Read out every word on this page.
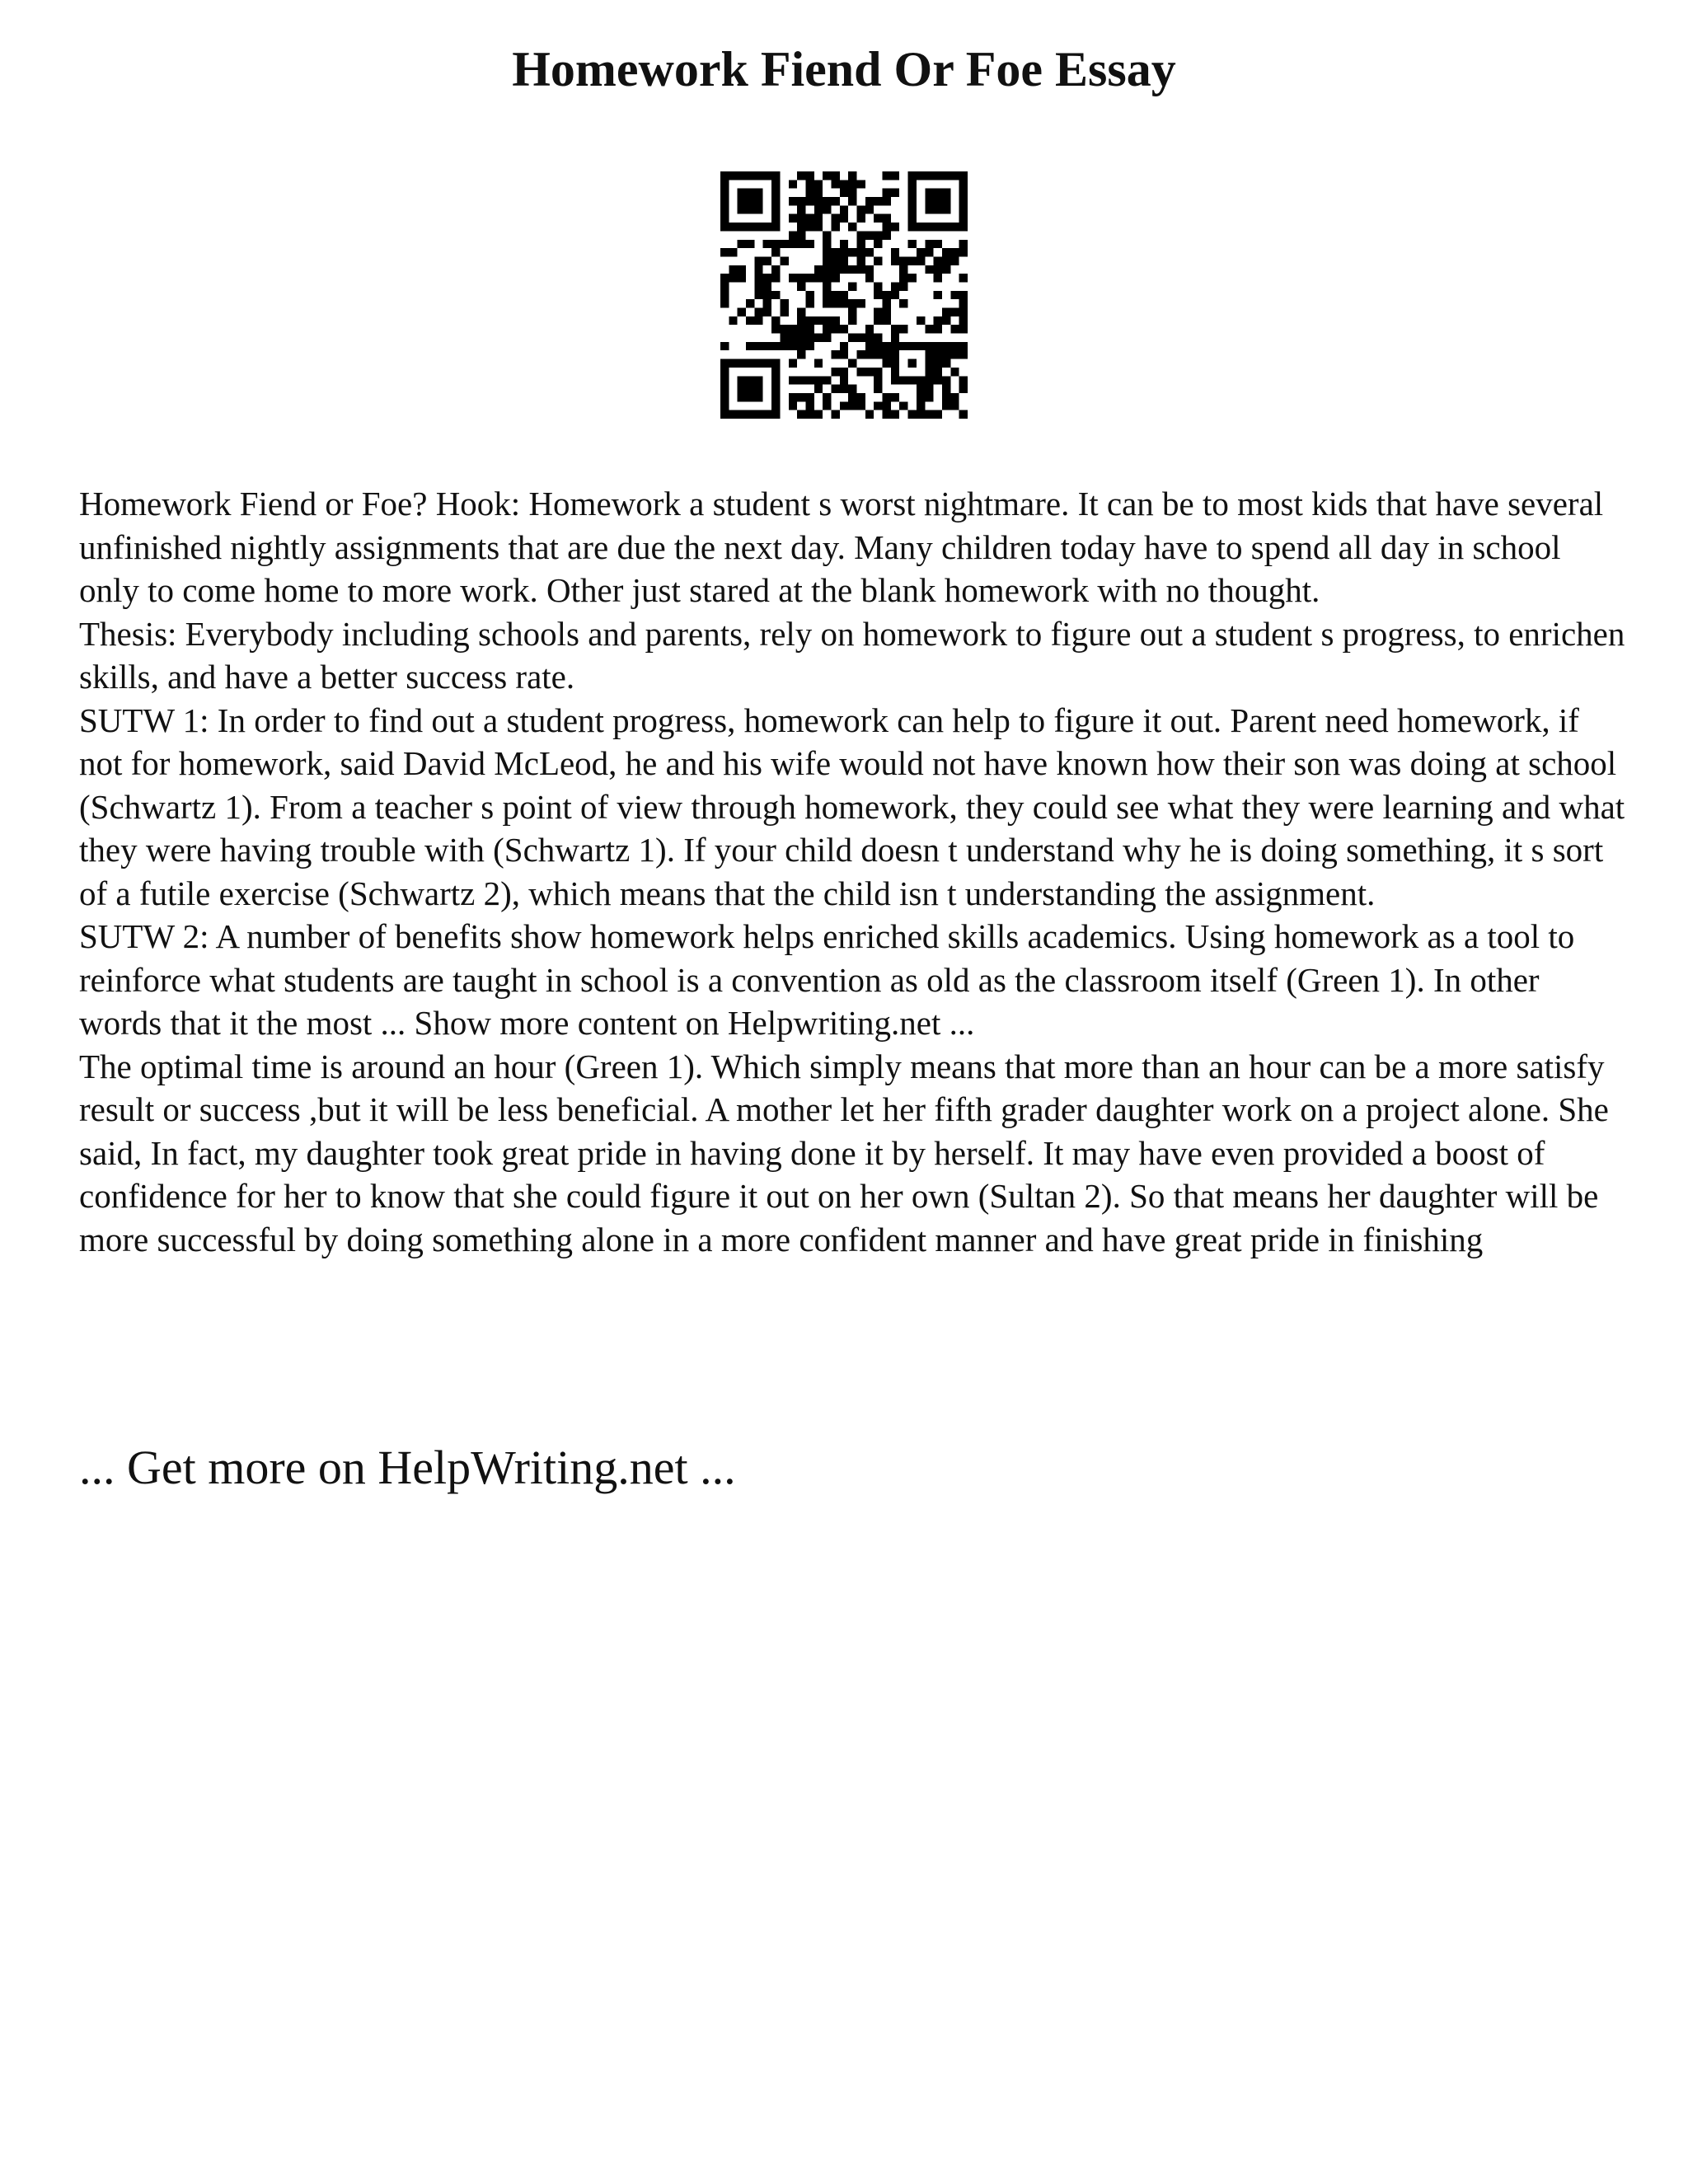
Homework Fiend Or Foe Essay

Homework Fiend or Foe? Hook: Homework a student s worst nightmare. It can be to most kids that have several unfinished nightly assignments that are due the next day. Many children today have to spend all day in school only to come home to more work. Other just stared at the blank homework with no thought.

Thesis: Everybody including schools and parents, rely on homework to figure out a student s progress, to enrichen skills, and have a better success rate.

SUTW 1: In order to find out a student progress, homework can help to figure it out. Parent need homework, if not for homework, said David McLeod, he and his wife would not have known how their son was doing at school (Schwartz 1). From a teacher s point of view through homework, they could see what they were learning and what they were having trouble with (Schwartz 1). If your child doesn t understand why he is doing something, it s sort of a futile exercise (Schwartz 2), which means that the child isn t understanding the assignment.

SUTW 2: A number of benefits show homework helps enriched skills academics. Using homework as a tool to reinforce what students are taught in school is a convention as old as the classroom itself (Green 1). In other words that it the most ... Show more content on Helpwriting.net ...

The optimal time is around an hour (Green 1). Which simply means that more than an hour can be a more satisfy result or success ,but it will be less beneficial. A mother let her fifth grader daughter work on a project alone. She said, In fact, my daughter took great pride in having done it by herself. It may have even provided a boost of confidence for her to know that she could figure it out on her own (Sultan 2). So that means her daughter will be more successful by doing something alone in a more confident manner and have great pride in finishing

... Get more on HelpWriting.net ...
